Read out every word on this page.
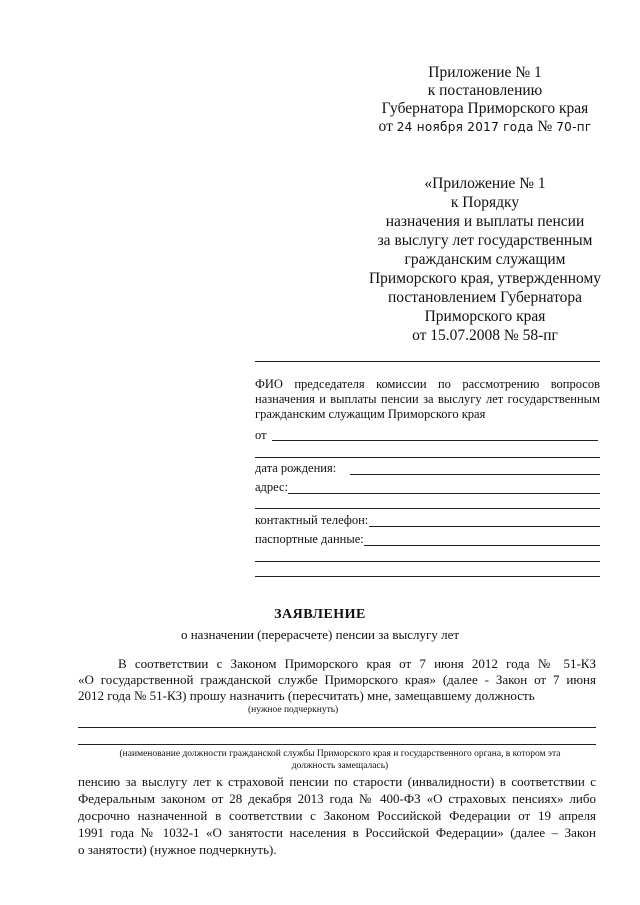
Приложение № 1
к постановлению
Губернатора Приморского края
от 24 ноября 2017 года № 70-пг
«Приложение № 1
к Порядку
назначения и выплаты пенсии
за выслугу лет государственным
гражданским служащим
Приморского края, утвержденному
постановлением Губернатора
Приморского края
от 15.07.2008 № 58-пг
ФИО председателя комиссии по рассмотрению вопросов
назначения и выплаты пенсии за выслугу лет государственным
гражданским служащим Приморского края
от
дата рождения:
адрес:
контактный телефон:
паспортные данные:
ЗАЯВЛЕНИЕ
о назначении (перерасчете) пенсии за выслугу лет
В соответствии с Законом Приморского края от 7 июня 2012 года № 51-КЗ
«О государственной гражданской службе Приморского края» (далее - Закон от 7 июня
2012 года № 51-КЗ) прошу назначить (пересчитать) мне, замещавшему должность
(нужное подчеркнуть)
(наименование должности гражданской службы Приморского края и государственного органа, в котором эта
должность замещалась)
пенсию за выслугу лет к страховой пенсии по старости (инвалидности) в соответствии с
Федеральным законом от 28 декабря 2013 года № 400-ФЗ «О страховых пенсиях» либо
досрочно назначенной в соответствии с Законом Российской Федерации от 19 апреля
1991 года № 1032-1 «О занятости населения в Российской Федерации» (далее – Закон
о занятости) (нужное подчеркнуть).
